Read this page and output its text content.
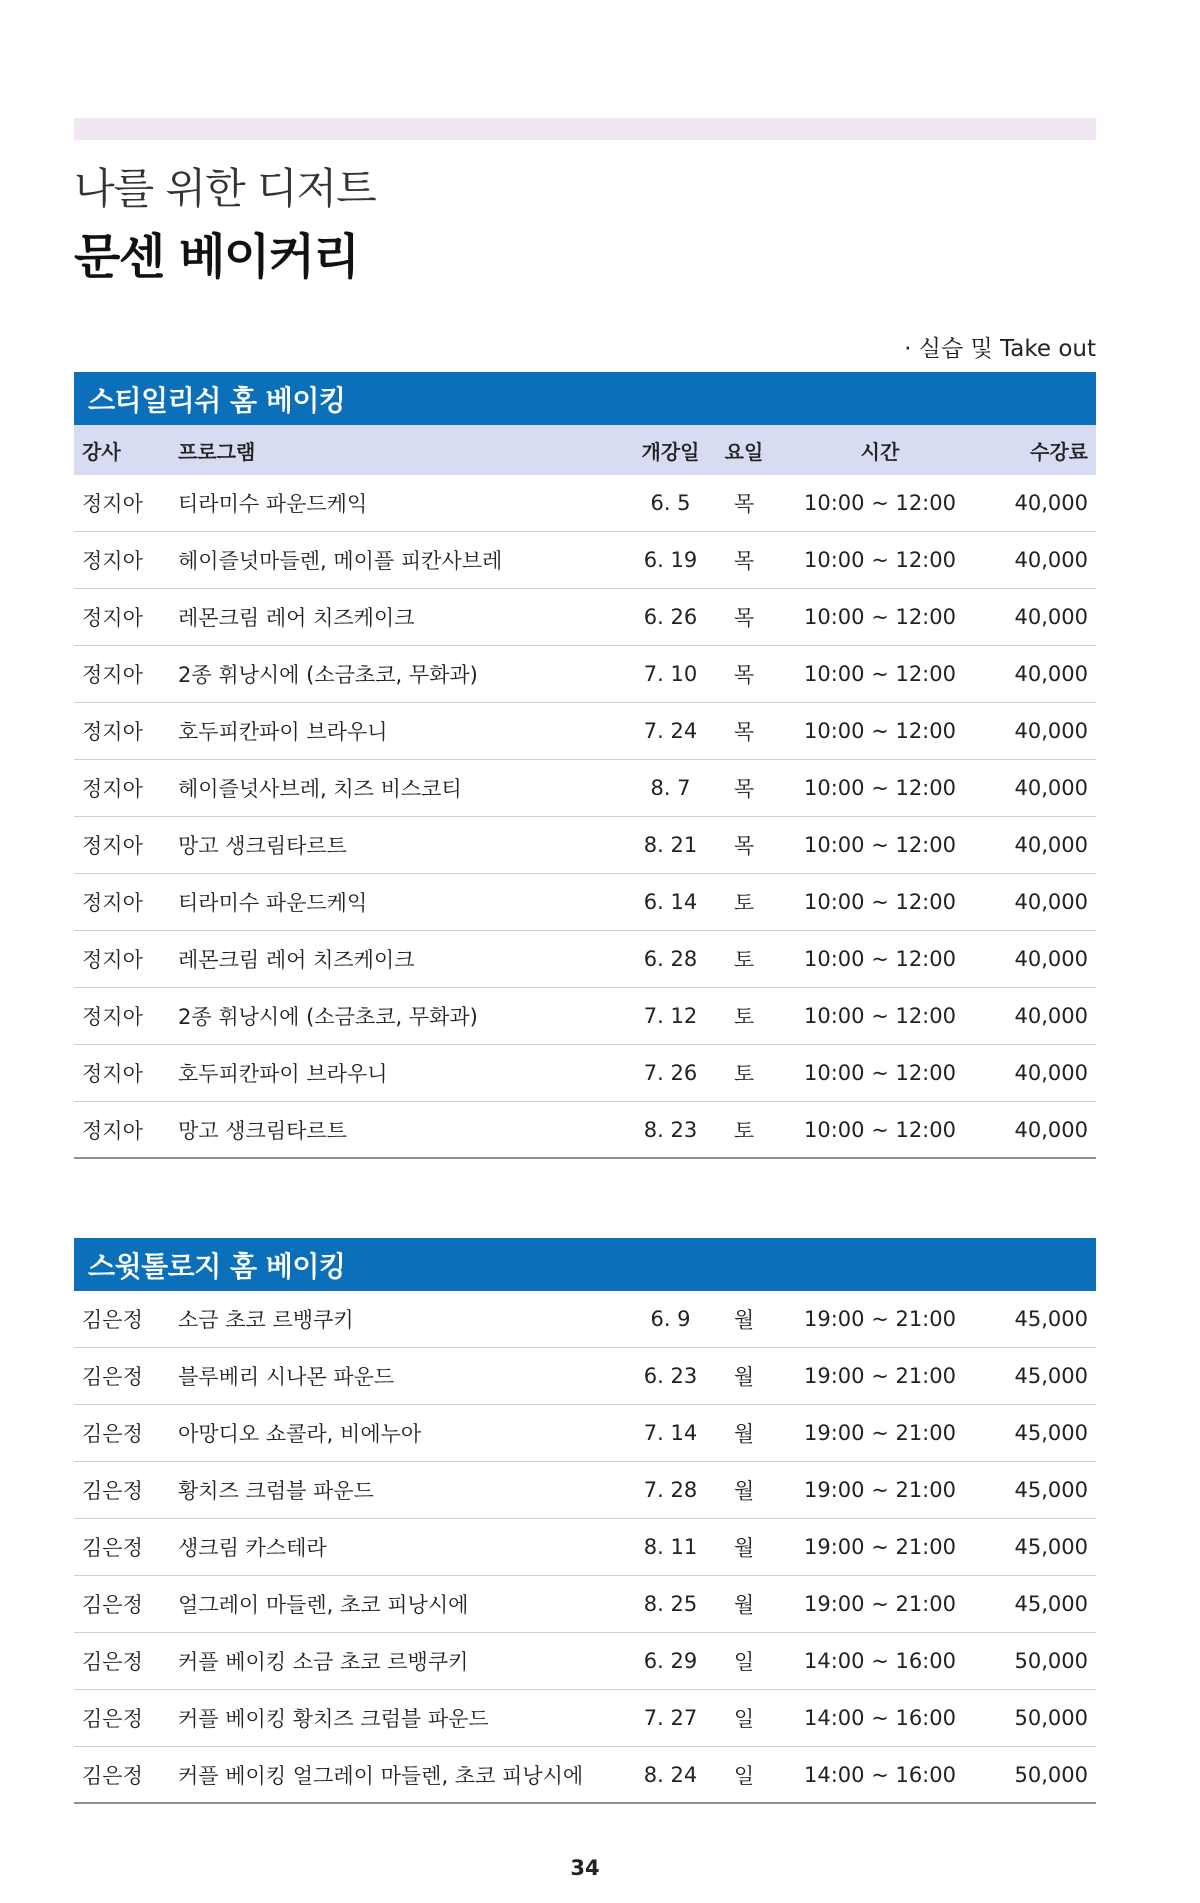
나를 위한 디저트
문센 베이커리
· 실습 및 Take out
스티일리쉬 홈 베이킹
강사	프로그램	개강일	요일	시간	수강료
정지아	티라미수 파운드케익	6. 5	목	10:00 ~ 12:00	40,000
정지아	헤이즐넛마들렌, 메이플 피칸사브레	6. 19	목	10:00 ~ 12:00	40,000
정지아	레몬크림 레어 치즈케이크	6. 26	목	10:00 ~ 12:00	40,000
정지아	2종 휘낭시에 (소금초코, 무화과)	7. 10	목	10:00 ~ 12:00	40,000
정지아	호두피칸파이 브라우니	7. 24	목	10:00 ~ 12:00	40,000
정지아	헤이즐넛사브레, 치즈 비스코티	8. 7	목	10:00 ~ 12:00	40,000
정지아	망고 생크림타르트	8. 21	목	10:00 ~ 12:00	40,000
정지아	티라미수 파운드케익	6. 14	토	10:00 ~ 12:00	40,000
정지아	레몬크림 레어 치즈케이크	6. 28	토	10:00 ~ 12:00	40,000
정지아	2종 휘낭시에 (소금초코, 무화과)	7. 12	토	10:00 ~ 12:00	40,000
정지아	호두피칸파이 브라우니	7. 26	토	10:00 ~ 12:00	40,000
정지아	망고 생크림타르트	8. 23	토	10:00 ~ 12:00	40,000
스윗톨로지 홈 베이킹
김은정	소금 초코 르뱅쿠키	6. 9	월	19:00 ~ 21:00	45,000
김은정	블루베리 시나몬 파운드	6. 23	월	19:00 ~ 21:00	45,000
김은정	아망디오 쇼콜라, 비에누아	7. 14	월	19:00 ~ 21:00	45,000
김은정	황치즈 크럼블 파운드	7. 28	월	19:00 ~ 21:00	45,000
김은정	생크림 카스테라	8. 11	월	19:00 ~ 21:00	45,000
김은정	얼그레이 마들렌, 초코 피낭시에	8. 25	월	19:00 ~ 21:00	45,000
김은정	커플 베이킹 소금 초코 르뱅쿠키	6. 29	일	14:00 ~ 16:00	50,000
김은정	커플 베이킹 황치즈 크럼블 파운드	7. 27	일	14:00 ~ 16:00	50,000
김은정	커플 베이킹 얼그레이 마들렌, 초코 피낭시에	8. 24	일	14:00 ~ 16:00	50,000
34
